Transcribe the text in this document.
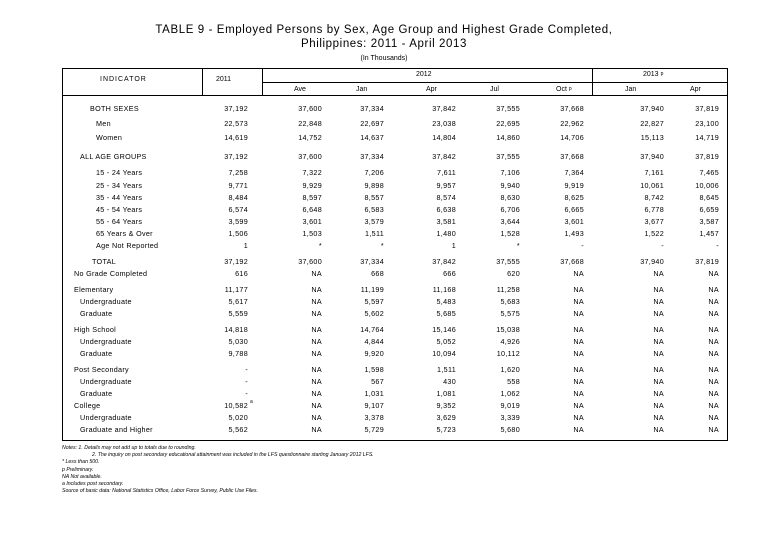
TABLE 9 - Employed Persons by Sex, Age Group and Highest Grade Completed,
Philippines: 2011 - April 2013
(In Thousands)
INDICATOR	2011
2012	2013 $^p$
Ave	Jan	Apr	Jul	Oct $^p$	Jan	Apr
BOTH SEXES	37,192	37,600	37,334	37,842	37,555	37,668	37,940	37,819
Men	22,573	22,848	22,697	23,038	22,695	22,962	22,827	23,100
Women	14,619	14,752	14,637	14,804	14,860	14,706	15,113	14,719
ALL AGE GROUPS	37,192	37,600	37,334	37,842	37,555	37,668	37,940	37,819
15 - 24 Years	7,258	7,322	7,206	7,611	7,106	7,364	7,161	7,465
25 - 34 Years	9,771	9,929	9,898	9,957	9,940	9,919	10,061	10,006
35 - 44 Years	8,484	8,597	8,557	8,574	8,630	8,625	8,742	8,645
45 - 54 Years	6,574	6,648	6,583	6,638	6,706	6,665	6,778	6,659
55 - 64 Years	3,599	3,601	3,579	3,581	3,644	3,601	3,677	3,587
65 Years & Over	1,506	1,503	1,511	1,480	1,528	1,493	1,522	1,457
Age Not Reported	1	*	*	1	*	-	-	-
TOTAL	37,192	37,600	37,334	37,842	37,555	37,668	37,940	37,819
No Grade Completed	616	NA	668	666	620	NA	NA	NA
Elementary	11,177	NA	11,199	11,168	11,258	NA	NA	NA
Undergraduate	5,617	NA	5,597	5,483	5,683	NA	NA	NA
Graduate	5,559	NA	5,602	5,685	5,575	NA	NA	NA
High School	14,818	NA	14,764	15,146	15,038	NA	NA	NA
Undergraduate	5,030	NA	4,844	5,052	4,926	NA	NA	NA
Graduate	9,788	NA	9,920	10,094	10,112	NA	NA	NA
Post Secondary	-	NA	1,598	1,511	1,620	NA	NA	NA
Undergraduate	-	NA	567	430	558	NA	NA	NA
Graduate	-	NA	1,031	1,081	1,062	NA	NA	NA
College	10,582 a	NA	9,107	9,352	9,019	NA	NA	NA
Undergraduate	5,020	NA	3,378	3,629	3,339	NA	NA	NA
Graduate and Higher	5,562	NA	5,729	5,723	5,680	NA	NA	NA
Notes: 1. Details may not add up to totals due to rounding.
2. The inquiry on post secondary educational attainment was included in the LFS questionnaire starting January 2012 LFS.
* Less than 500.
p Preliminary.
NA Not available.
a Includes post secondary.
Source of basic data: National Statistics Office, Labor Force Survey, Public Use Files.
